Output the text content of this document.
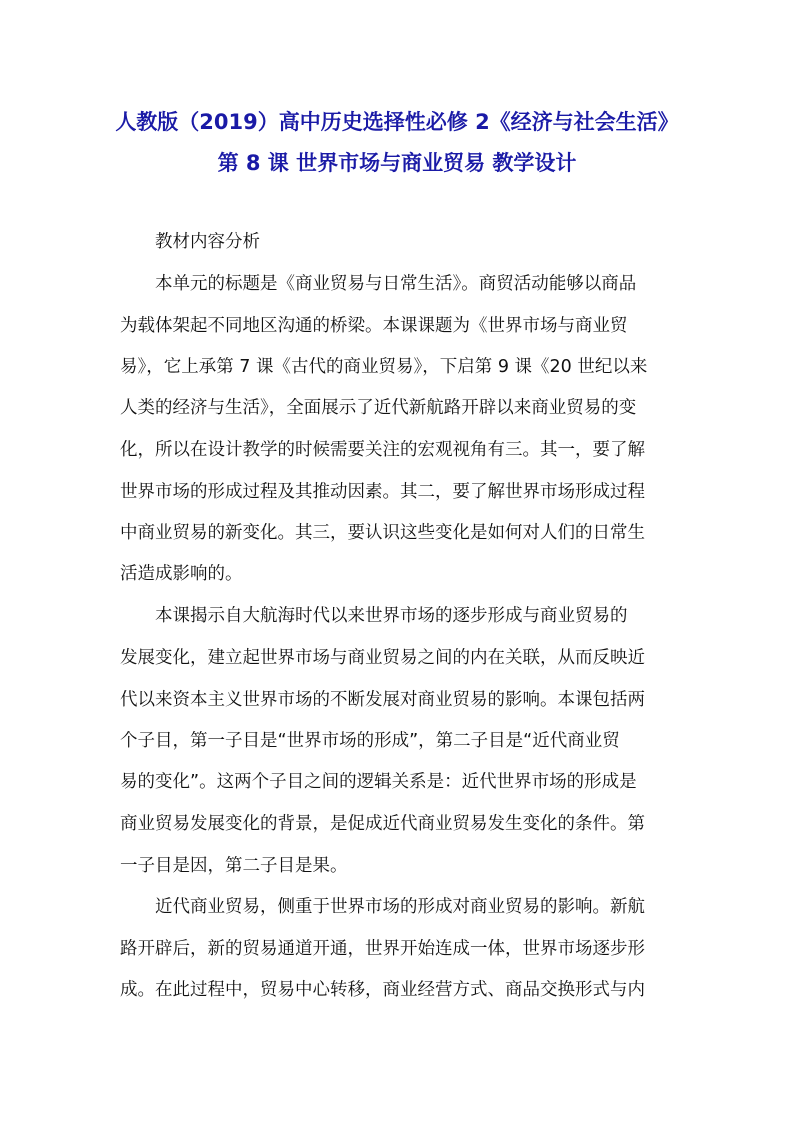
人教版（2019）高中历史选择性必修 2《经济与社会生活》
第 8 课 世界市场与商业贸易 教学设计
教材内容分析
本单元的标题是《商业贸易与日常生活》。商贸活动能够以商品
为载体架起不同地区沟通的桥梁。本课课题为《世界市场与商业贸
易》，它上承第 7 课《古代的商业贸易》，下启第 9 课《20 世纪以来
人类的经济与生活》，全面展示了近代新航路开辟以来商业贸易的变
化，所以在设计教学的时候需要关注的宏观视角有三。其一，要了解
世界市场的形成过程及其推动因素。其二，要了解世界市场形成过程
中商业贸易的新变化。其三，要认识这些变化是如何对人们的日常生
活造成影响的。
本课揭示自大航海时代以来世界市场的逐步形成与商业贸易的
发展变化，建立起世界市场与商业贸易之间的内在关联，从而反映近
代以来资本主义世界市场的不断发展对商业贸易的影响。本课包括两
个子目，第一子目是“世界市场的形成”，第二子目是“近代商业贸
易的变化”。这两个子目之间的逻辑关系是：近代世界市场的形成是
商业贸易发展变化的背景，是促成近代商业贸易发生变化的条件。第
一子目是因，第二子目是果。
近代商业贸易，侧重于世界市场的形成对商业贸易的影响。新航
路开辟后，新的贸易通道开通，世界开始连成一体，世界市场逐步形
成。在此过程中，贸易中心转移，商业经营方式、商品交换形式与内
